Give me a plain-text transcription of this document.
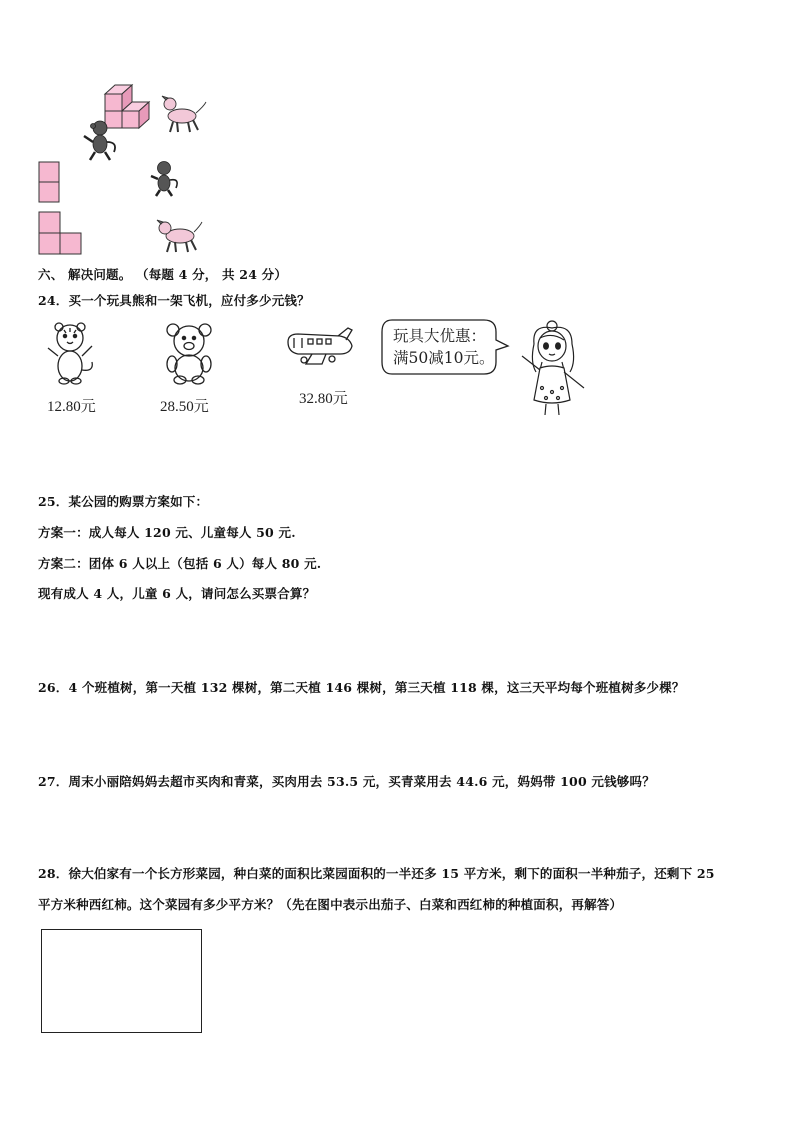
六、 解决问题。 （每题 4 分， 共 24 分）
24．买一个玩具熊和一架飞机，应付多少元钱？
12.80元	28.50元	32.80元
玩具大优惠：
满50减10元。
25．某公园的购票方案如下：
方案一：成人每人 120 元、儿童每人 50 元.
方案二：团体 6 人以上（包括 6 人）每人 80 元.
现有成人 4 人，儿童 6 人，请问怎么买票合算？
26．4 个班植树，第一天植 132 棵树，第二天植 146 棵树，第三天植 118 棵，这三天平均每个班植树多少棵？
27．周末小丽陪妈妈去超市买肉和青菜，买肉用去 53.5 元，买青菜用去 44.6 元，妈妈带 100 元钱够吗？
28．徐大伯家有一个长方形菜园，种白菜的面积比菜园面积的一半还多 15 平方米，剩下的面积一半种茄子，还剩下 25
平方米种西红柿。这个菜园有多少平方米？（先在图中表示出茄子、白菜和西红柿的种植面积，再解答）
